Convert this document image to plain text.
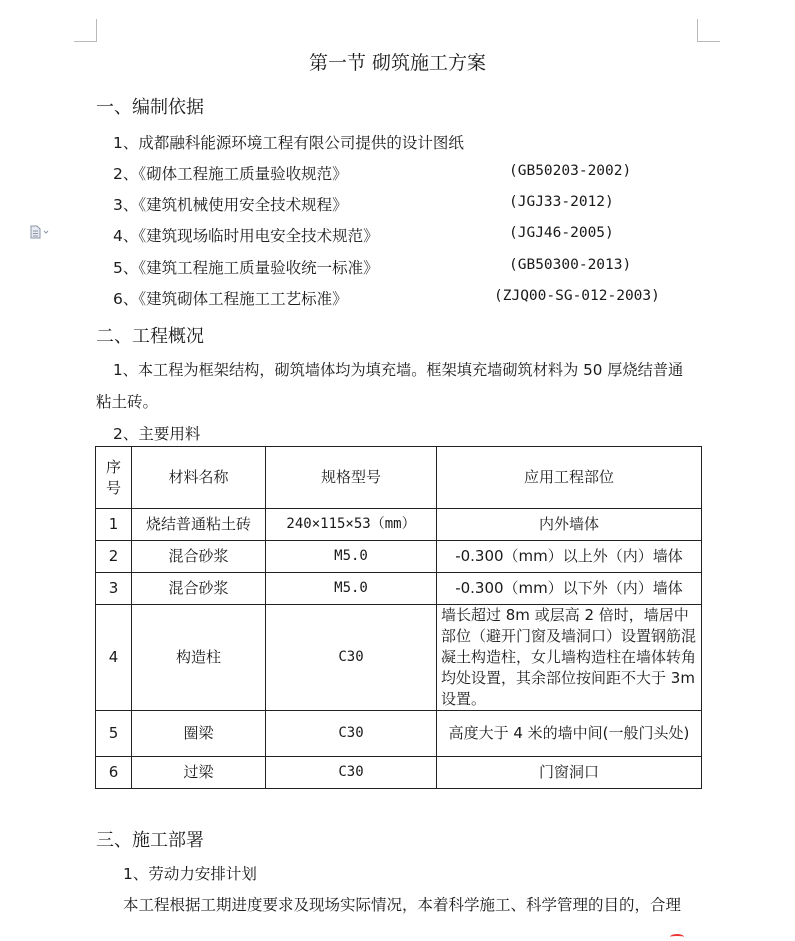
第一节 砌筑施工方案
一、编制依据
1、成都融科能源环境工程有限公司提供的设计图纸
2、《砌体工程施工质量验收规范》	(GB50203-2002)
3、《建筑机械使用安全技术规程》	(JGJ33-2012)
4、《建筑现场临时用电安全技术规范》	(JGJ46-2005)
5、《建筑工程施工质量验收统一标准》	(GB50300-2013)
6、《建筑砌体工程施工工艺标准》	(ZJQ00-SG-012-2003)
二、工程概况
1、本工程为框架结构，砌筑墙体均为填充墙。框架填充墙砌筑材料为 50 厚烧结普通
粘土砖。
2、主要用料
序
号	材料名称	规格型号	应用工程部位
1	烧结普通粘土砖	240×115×53（mm）	内外墙体
2	混合砂浆	M5.0	-0.300（mm）以上外（内）墙体
3	混合砂浆	M5.0	-0.300（mm）以下外（内）墙体
4	构造柱	C30	墙长超过 8m 或层高 2 倍时，墙居中部位（避开门窗及墙洞口）设置钢筋混凝土构造柱，女儿墙构造柱在墙体转角均处设置，其余部位按间距不大于 3m 设置。
5	圈梁	C30	高度大于 4 米的墙中间(一般门头处)
6	过梁	C30	门窗洞口
三、施工部署
1、劳动力安排计划
本工程根据工期进度要求及现场实际情况，本着科学施工、科学管理的目的，合理
